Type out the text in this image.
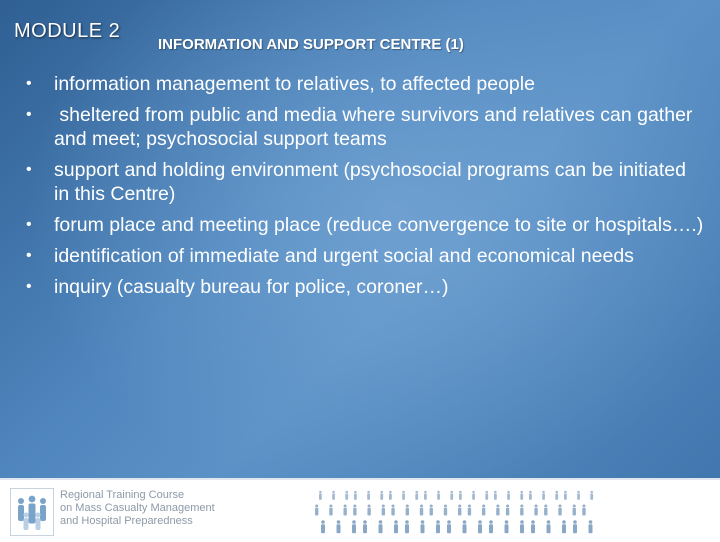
MODULE 2
INFORMATION AND SUPPORT CENTRE (1)
• information management to relatives, to affected people
• sheltered from public and media where survivors and relatives can gather and meet; psychosocial support teams
• support and holding environment (psychosocial programs can be initiated in this Centre)
• forum place and meeting place (reduce convergence to site or hospitals….)
• identification of immediate and urgent social and economical needs
• inquiry (casualty bureau for police, coroner…)
Regional Training Course
on Mass Casualty Management
and Hospital Preparedness
World Health
Organization
Western Pacific Region
